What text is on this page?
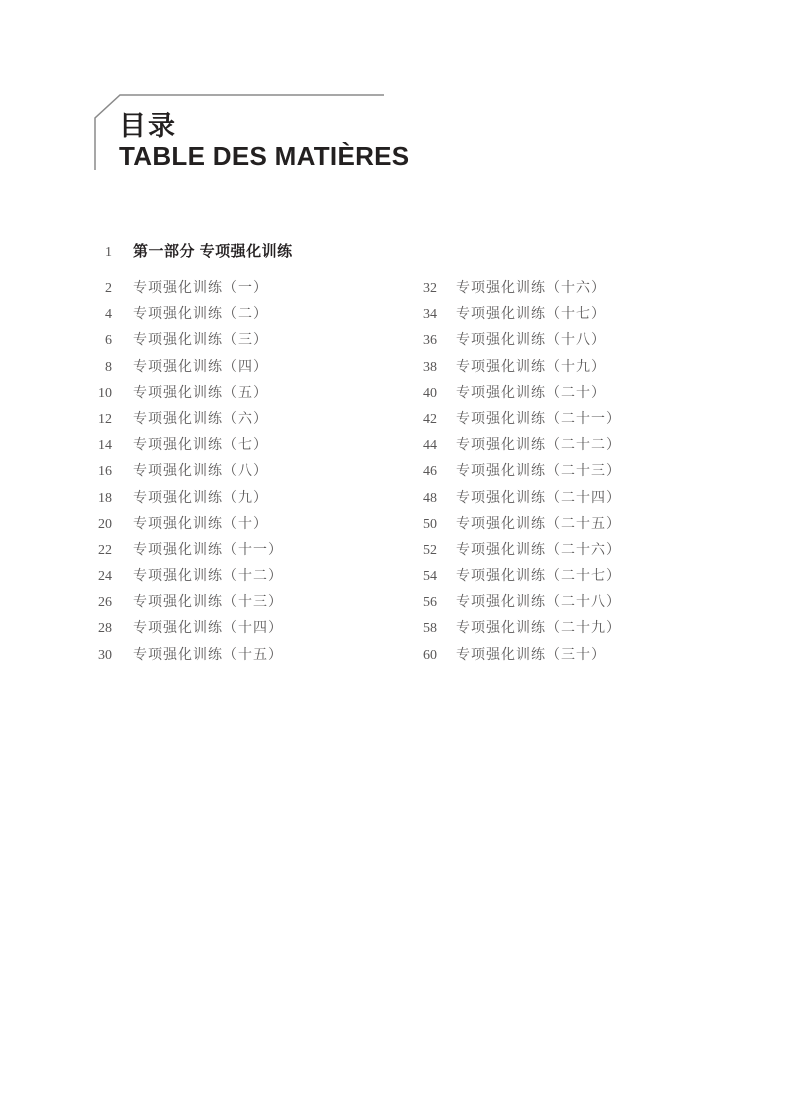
目录
TABLE DES MATIÈRES
1 第一部分 专项强化训练
2 专项强化训练（一）
4 专项强化训练（二）
6 专项强化训练（三）
8 专项强化训练（四）
10 专项强化训练（五）
12 专项强化训练（六）
14 专项强化训练（七）
16 专项强化训练（八）
18 专项强化训练（九）
20 专项强化训练（十）
22 专项强化训练（十一）
24 专项强化训练（十二）
26 专项强化训练（十三）
28 专项强化训练（十四）
30 专项强化训练（十五）
32 专项强化训练（十六）
34 专项强化训练（十七）
36 专项强化训练（十八）
38 专项强化训练（十九）
40 专项强化训练（二十）
42 专项强化训练（二十一）
44 专项强化训练（二十二）
46 专项强化训练（二十三）
48 专项强化训练（二十四）
50 专项强化训练（二十五）
52 专项强化训练（二十六）
54 专项强化训练（二十七）
56 专项强化训练（二十八）
58 专项强化训练（二十九）
60 专项强化训练（三十）
